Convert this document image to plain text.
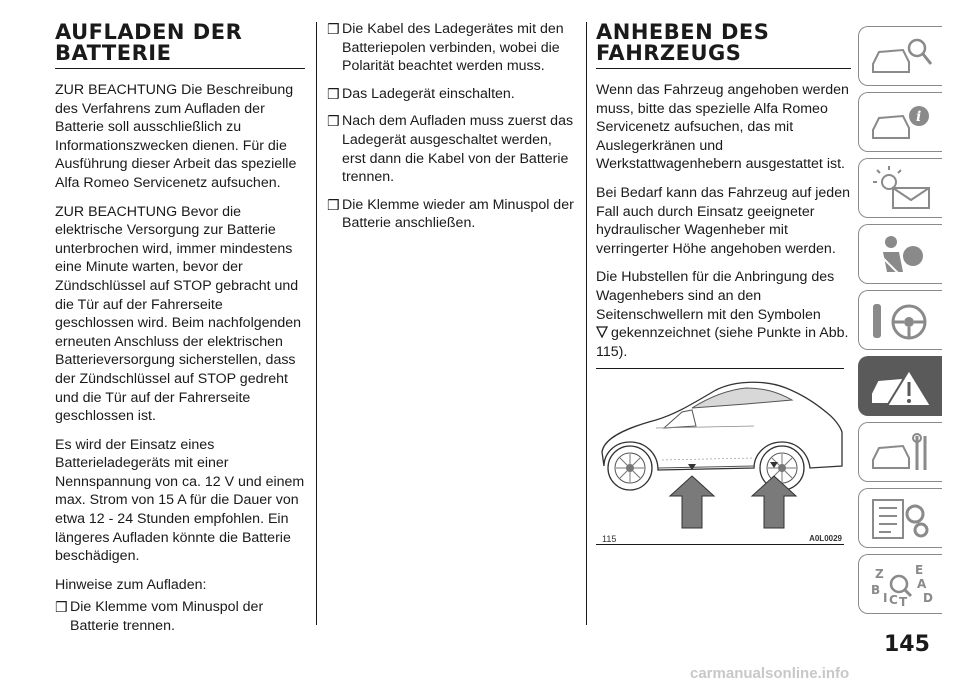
AUFLADEN DER
BATTERIE

ZUR BEACHTUNG Die Beschreibung des Verfahrens zum Aufladen der Batterie soll ausschließlich zu Informationszwecken dienen. Für die Ausführung dieser Arbeit das spezielle Alfa Romeo Servicenetz aufsuchen.

ZUR BEACHTUNG Bevor die elektrische Versorgung zur Batterie unterbrochen wird, immer mindestens eine Minute warten, bevor der Zündschlüssel auf STOP gebracht und die Tür auf der Fahrerseite geschlossen wird. Beim nachfolgenden erneuten Anschluss der elektrischen Batterieversorgung sicherstellen, dass der Zündschlüssel auf STOP gedreht und die Tür auf der Fahrerseite geschlossen ist.

Es wird der Einsatz eines Batterieladegeräts mit einer Nennspannung von ca. 12 V und einem max. Strom von 15 A für die Dauer von etwa 12 - 24 Stunden empfohlen. Ein längeres Aufladen könnte die Batterie beschädigen.

Hinweise zum Aufladen:

❒ Die Klemme vom Minuspol der Batterie trennen.
❒ Die Kabel des Ladegerätes mit den Batteriepolen verbinden, wobei die Polarität beachtet werden muss.
❒ Das Ladegerät einschalten.
❒ Nach dem Aufladen muss zuerst das Ladegerät ausgeschaltet werden, erst dann die Kabel von der Batterie trennen.
❒ Die Klemme wieder am Minuspol der Batterie anschließen.
ANHEBEN DES
FAHRZEUGS

Wenn das Fahrzeug angehoben werden muss, bitte das spezielle Alfa Romeo Servicenetz aufsuchen, das mit Auslegerkränen und Werkstattwagenhebern ausgestattet ist.

Bei Bedarf kann das Fahrzeug auf jeden Fall auch durch Einsatz geeigneter hydraulischer Wagenheber mit verringerter Höhe angehoben werden.

Die Hubstellen für die Anbringung des Wagenhebers sind an den Seitenschwellern mit den Symbolen
gekennzeichnet (siehe Punkte in Abb. 115).

115	A0L0029
i
Z	E
A
B
C T D
I
145
carmanualsonline.info
